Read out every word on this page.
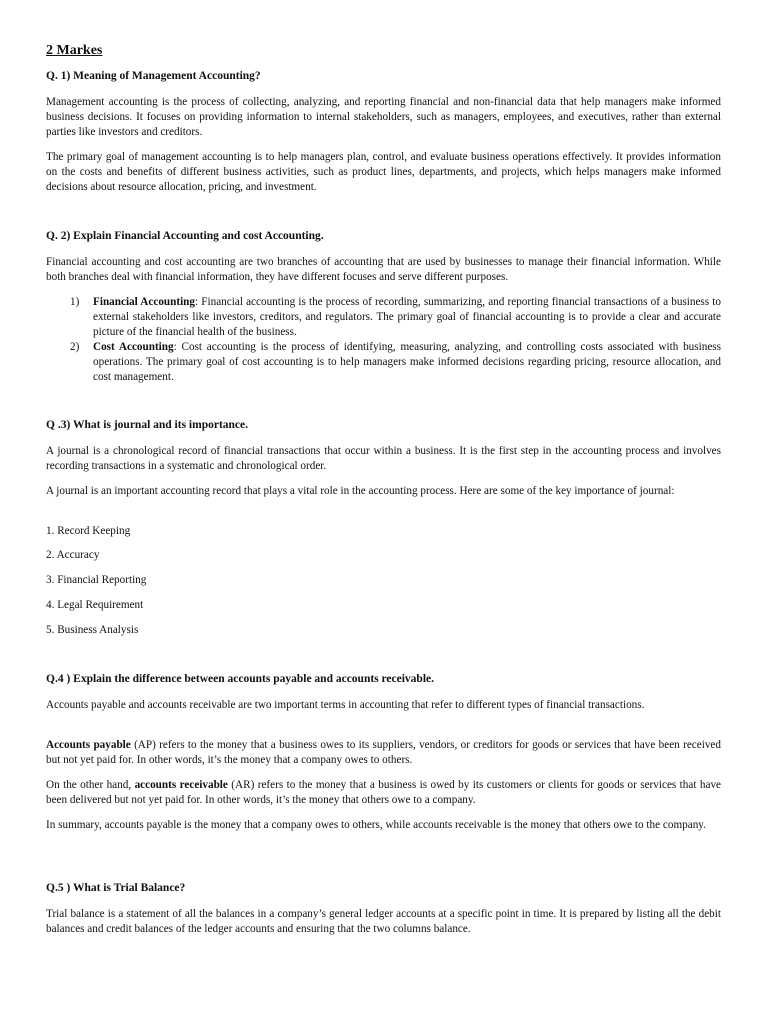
2 Markes
Q. 1) Meaning of Management Accounting?

Management accounting is the process of collecting, analyzing, and reporting financial and non-financial data that help managers make informed business decisions. It focuses on providing information to internal stakeholders, such as managers, employees, and executives, rather than external parties like investors and creditors.

The primary goal of management accounting is to help managers plan, control, and evaluate business operations effectively. It provides information on the costs and benefits of different business activities, such as product lines, departments, and projects, which helps managers make informed decisions about resource allocation, pricing, and investment.

Q. 2) Explain Financial Accounting and cost Accounting.

Financial accounting and cost accounting are two branches of accounting that are used by businesses to manage their financial information. While both branches deal with financial information, they have different focuses and serve different purposes.

1) Financial Accounting: Financial accounting is the process of recording, summarizing, and reporting financial transactions of a business to external stakeholders like investors, creditors, and regulators. The primary goal of financial accounting is to provide a clear and accurate picture of the financial health of the business.
2) Cost Accounting: Cost accounting is the process of identifying, measuring, analyzing, and controlling costs associated with business operations. The primary goal of cost accounting is to help managers make informed decisions regarding pricing, resource allocation, and cost management.
Q .3) What is journal and its importance.

A journal is a chronological record of financial transactions that occur within a business. It is the first step in the accounting process and involves recording transactions in a systematic and chronological order.

A journal is an important accounting record that plays a vital role in the accounting process. Here are some of the key importance of journal:

1. Record Keeping

2. Accuracy

3. Financial Reporting

4. Legal Requirement

5. Business Analysis

Q.4 ) Explain the difference between accounts payable and accounts receivable.

Accounts payable and accounts receivable are two important terms in accounting that refer to different types of financial transactions.

Accounts payable (AP) refers to the money that a business owes to its suppliers, vendors, or creditors for goods or services that have been received but not yet paid for. In other words, it’s the money that a company owes to others.

On the other hand, accounts receivable (AR) refers to the money that a business is owed by its customers or clients for goods or services that have been delivered but not yet paid for. In other words, it’s the money that others owe to a company.

In summary, accounts payable is the money that a company owes to others, while accounts receivable is the money that others owe to the company.

Q.5 ) What is Trial Balance?

Trial balance is a statement of all the balances in a company’s general ledger accounts at a specific point in time. It is prepared by listing all the debit balances and credit balances of the ledger accounts and ensuring that the two columns balance.
